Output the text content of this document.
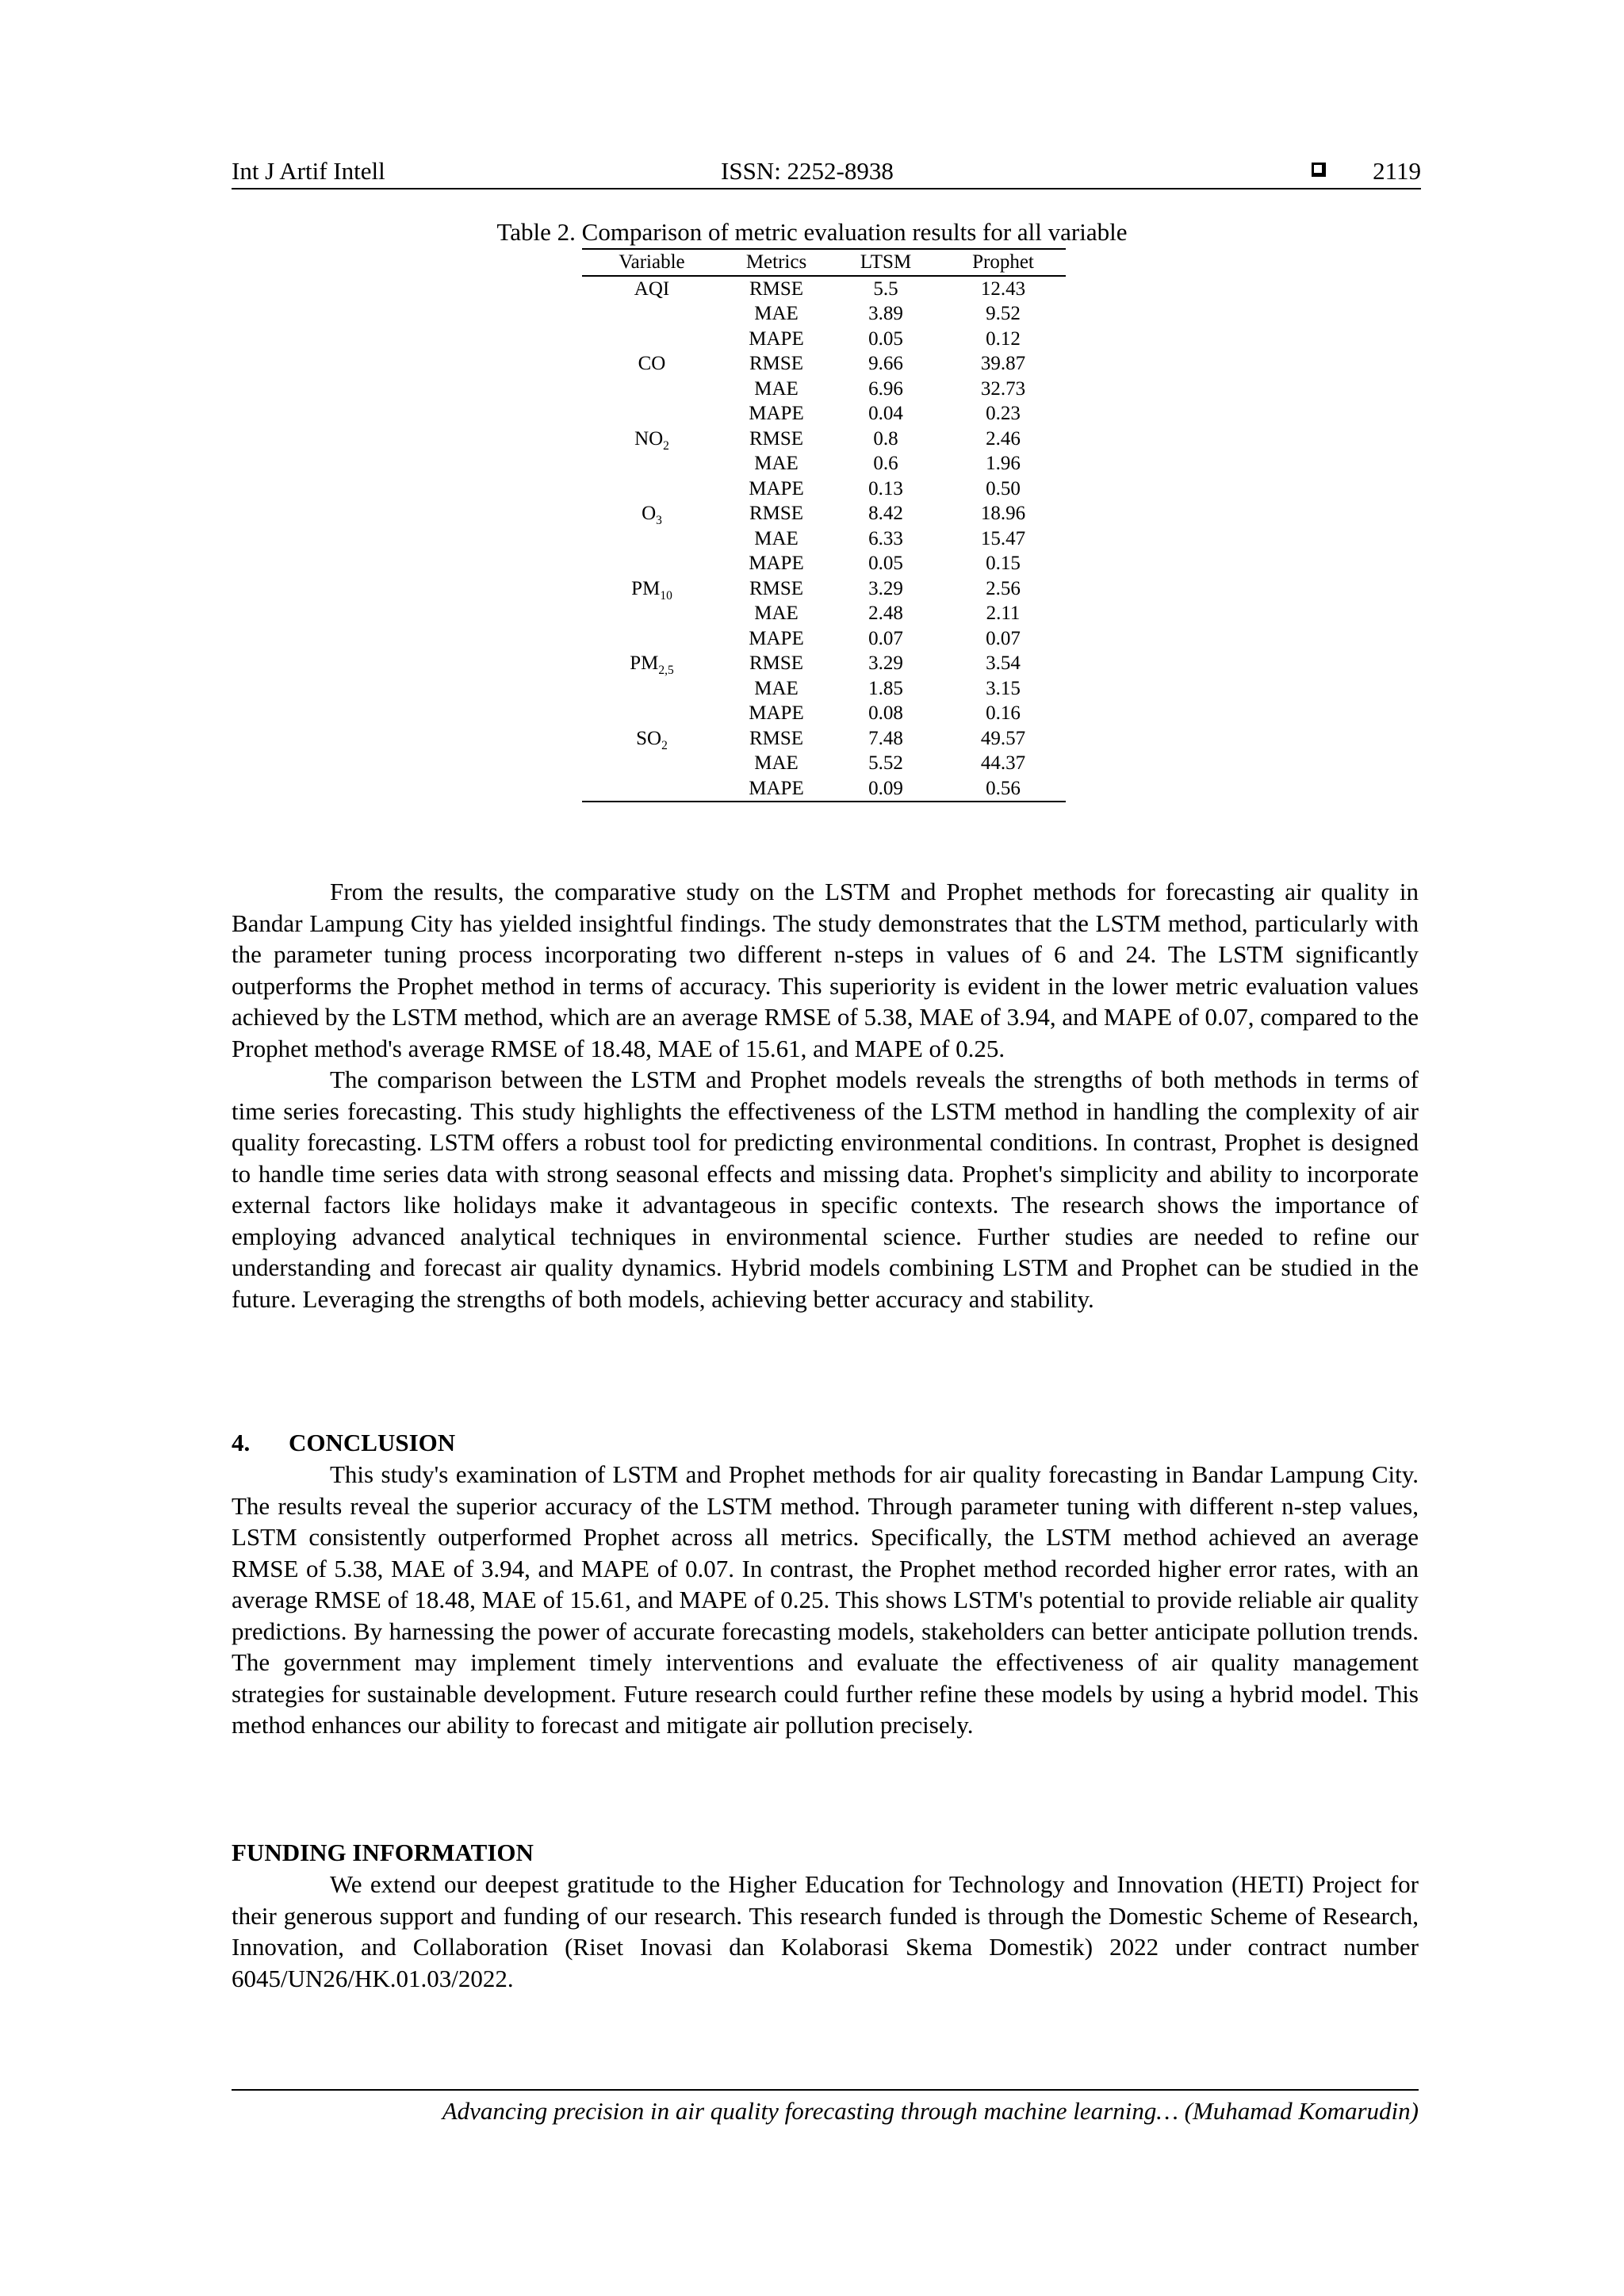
Int J Artif Intell	ISSN: 2252-8938	2119
Table 2. Comparison of metric evaluation results for all variable
Variable	Metrics	LTSM	Prophet
AQI	RMSE	5.5	12.43
	MAE	3.89	9.52
	MAPE	0.05	0.12
CO	RMSE	9.66	39.87
	MAE	6.96	32.73
	MAPE	0.04	0.23
$NO_2$	RMSE	0.8	2.46
	MAE	0.6	1.96
	MAPE	0.13	0.50
$O_3$	RMSE	8.42	18.96
	MAE	6.33	15.47
	MAPE	0.05	0.15
$PM_{10}$	RMSE	3.29	2.56
	MAE	2.48	2.11
	MAPE	0.07	0.07
$PM_{2,5}$	RMSE	3.29	3.54
	MAE	1.85	3.15
	MAPE	0.08	0.16
$SO_2$	RMSE	7.48	49.57
	MAE	5.52	44.37
	MAPE	0.09	0.56

From the results, the comparative study on the LSTM and Prophet methods for forecasting air quality in Bandar Lampung City has yielded insightful findings. The study demonstrates that the LSTM method, particularly with the parameter tuning process incorporating two different n-steps in values of 6 and 24. The LSTM significantly outperforms the Prophet method in terms of accuracy. This superiority is evident in the lower metric evaluation values achieved by the LSTM method, which are an average RMSE of 5.38, MAE of 3.94, and MAPE of 0.07, compared to the Prophet method's average RMSE of 18.48, MAE of 15.61, and MAPE of 0.25.

The comparison between the LSTM and Prophet models reveals the strengths of both methods in terms of time series forecasting. This study highlights the effectiveness of the LSTM method in handling the complexity of air quality forecasting. LSTM offers a robust tool for predicting environmental conditions. In contrast, Prophet is designed to handle time series data with strong seasonal effects and missing data. Prophet's simplicity and ability to incorporate external factors like holidays make it advantageous in specific contexts. The research shows the importance of employing advanced analytical techniques in environmental science. Further studies are needed to refine our understanding and forecast air quality dynamics. Hybrid models combining LSTM and Prophet can be studied in the future. Leveraging the strengths of both models, achieving better accuracy and stability.

4. CONCLUSION

This study's examination of LSTM and Prophet methods for air quality forecasting in Bandar Lampung City. The results reveal the superior accuracy of the LSTM method. Through parameter tuning with different n-step values, LSTM consistently outperformed Prophet across all metrics. Specifically, the LSTM method achieved an average RMSE of 5.38, MAE of 3.94, and MAPE of 0.07. In contrast, the Prophet method recorded higher error rates, with an average RMSE of 18.48, MAE of 15.61, and MAPE of 0.25. This shows LSTM's potential to provide reliable air quality predictions. By harnessing the power of accurate forecasting models, stakeholders can better anticipate pollution trends. The government may implement timely interventions and evaluate the effectiveness of air quality management strategies for sustainable development. Future research could further refine these models by using a hybrid model. This method enhances our ability to forecast and mitigate air pollution precisely.

FUNDING INFORMATION

We extend our deepest gratitude to the Higher Education for Technology and Innovation (HETI) Project for their generous support and funding of our research. This research funded is through the Domestic Scheme of Research, Innovation, and Collaboration (Riset Inovasi dan Kolaborasi Skema Domestik) 2022 under contract number 6045/UN26/HK.01.03/2022.

Advancing precision in air quality forecasting through machine learning… (Muhamad Komarudin)
